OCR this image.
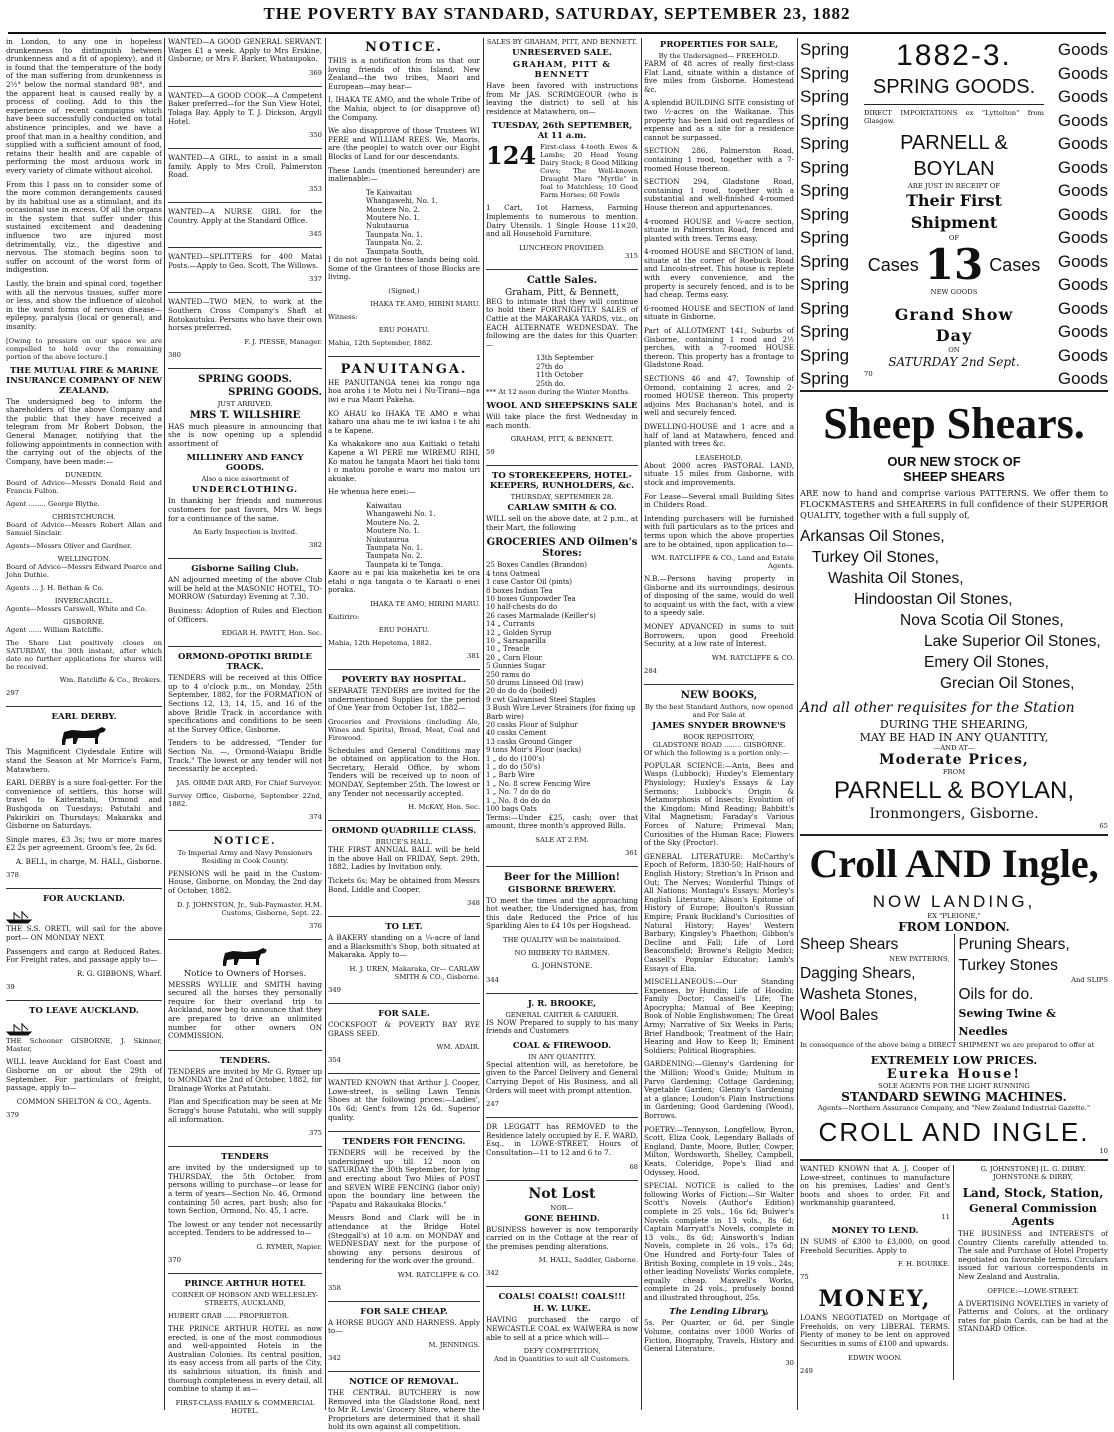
THE POVERTY BAY STANDARD, SATURDAY, SEPTEMBER 23, 1882

in London, to any one in hopeless drunkenness (to distinguish between drunkenness and a fit of apoplexy), and it is found that the temperature of the body of the man suffering from drunkenness is 2½° below the normal standard 98°, and the apparent heat is caused really by a process of cooling. Add to this the experience of recent campaigns which have been successfully conducted on total abstinence principles, and we have a proof that man in a healthy condition, and supplied with a sufficient amount of food, retains their health and are capable of performing the most arduous work in every variety of climate without alcohol.

From this I pass on to consider some of the more common derangements caused by its habitual use as a stimulant, and its occasional use in excess. Of all the organs in the system that suffer under this sustained excitement and deadening influence two are injured most detrimentally, viz., the digestive and nervous. The stomach begins soon to suffer on account of the worst form of indigestion.

Lastly, the brain and spinal cord, together with all the nervous tissues, suffer more or less, and show the influence of alcohol in the worst forms of nervous disease—epilepsy, paralysis (local or general), and insanity.

[Owing to pressure on our space we are compelled to hold over the remaining portion of the above lecture.]

THE MUTUAL FIRE & MARINE INSURANCE COMPANY OF NEW ZEALAND.

The undersigned beg to inform the shareholders of the above Company and the public that they have received a telegram from Mr Robert Dobson, the General Manager, notifying that the following appointments in connection with the carrying out of the objects of the Company, have been made:—

DUNEDIN.

Board of Advice—Messrs Donald Reid and Francis Fulton.

Agent ........ George Blythe.

CHRISTCHURCH.

Board of Advice—Messrs Robert Allan and Samuel Sinclair.

Agents—Messrs Oliver and Gardner.

WELLINGTON.

Board of Advice—Messrs Edward Pearce and John Duthie.

Agents ... J. H. Bethan & Co.

INVERCARGILL.

Agents—Messrs Carswell, White and Co.

GISBORNE.

Agent ...... William Ratcliffe.

The Share List positively closes on SATURDAY, the 30th instant, after which date no further applications for shares will be received.

Wm. Ratcliffe & Co., Brokers.

297

EARL DERBY.

This Magnificent Clydesdale Entire will stand the Season at Mr Morrice's Farm, Matawhero.

EARL DERBY is a sure foal-getter. For the convenience of settlers, this horse will travel to Kaiteratahi, Ormond and Bushgoda on Tuesdays; Patutahi and Pakirikiri on Thursdays; Makaraka and Gisborne on Saturdays.

Single mares, £3 3s; two or more mares £2 2s per agreement. Groom's fee, 2s 6d.

A. BELL, in charge, M. HALL, Gisborne.

378

FOR AUCKLAND.

THE S.S. ORETI, will sail for the above port— ON MONDAY NEXT.

Passengers and cargo at Reduced Rates. For Freight rates, and passage apply to—

R. G. GIBBONS, Wharf.

39

TO LEAVE AUCKLAND.

THE Schooner GISBORNE, J. Skinner, Master,

WILL leave Auckland for East Coast and Gisborne on or about the 29th of September. For particulars of freight, passage, apply to—

COMMON SHELTON & CO., Agents.

379

WANTED—A GOOD GENERAL SERVANT. Wages £1 a week. Apply to Mrs Erskine, Gisborne; or Mrs F. Barker, Whataupoko.

369

WANTED—A GOOD COOK—A Competent Baker preferred—for the Sun View Hotel, Tolaga Bay. Apply to T. J. Dickson, Argyll Hotel.

350

WANTED—A GIRL, to assist in a small family. Apply to Mrs Croll, Palmerston Road.

353

WANTED—A NURSE GIRL for the Country. Apply at the Standard Office.

345

WANTED—SPLITTERS for 400 Matai Posts.—Apply to Geo. Scott, The Willows.

337

WANTED—TWO MEN, to work at the Southern Cross Company's Shaft at Rotokautuku. Persons who have their own horses preferred.

F. J. PIESSE, Manager.

380

SPRING GOODS.
SPRING GOODS.
JUST ARRIVED.
MRS T. WILLSHIRE

HAS much pleasure in announcing that she is now opening up a splendid assortment of

MILLINERY AND FANCY GOODS.
Also a nice assortment of
UNDERCLOTHING.

In thanking her friends and numerous customers for past favors, Mrs W. begs for a continuance of the same.

An Early Inspection is Invited.

382

Gisborne Sailing Club.

AN adjourned meeting of the above Club will be held at the MASONIC HOTEL, TO-MORROW (Saturday) Evening at 7.30.

Business: Adoption of Rules and Election of Officers.

EDGAR H. PAVITT, Hon. Sec.

ORMOND-OPOTIKI BRIDLE TRACK.

TENDERS will be received at this Office up to 4 o'clock p.m., on Monday, 25th September, 1882, for the FORMATION of Sections 12, 13, 14, 15, and 16 of the above Bridle Track in accordance with specifications and conditions to be seen at the Survey Office, Gisborne.

Tenders to be addressed, "Tender for Section No. —, Ormond-Waiapu Bridle Track." The lowest or any tender will not necessarily be accepted.

JAS. ORME DAR ARD, For Chief Surveyor.

Survey Office, Gisborne, September 22nd, 1882.

374

NOTICE.

To Imperial Army and Navy Pensioners Residing in Cook County.

PENSIONS will be paid in the Custom-House, Gisborne, on Monday, the 2nd day of October, 1882.

D. J. JOHNSTON, Jr., Sub-Paymaster. H.M. Customs, Gisborne, Sept. 22.

376

Notice to Owners of Horses.

MESSRS WYLLIE and SMITH having secured all the horses they personally require for their overland trip to Auckland, now beg to announce that they are prepared to drive an unlimited number for other owners ON COMMISSION.

TENDERS.

TENDERS are invited by Mr G. Rymer up to MONDAY the 2nd of October, 1882, for Drainage Works at Patutahi.

Plan and Specification may be seen at Mr Scragg's house Patutahi, who will supply all information.

375

TENDERS

are invited by the undersigned up to THURSDAY, the 5th October, from persons willing to purchase—or lease for a term of years—Section No. 46, Ormond containing 50 acres, part bush; also for town Section, Ormond, No. 45, 1 acre.

The lowest or any tender not necessarily accepted. Tenders to be addressed to—

G. RYMER, Napier.

370

PRINCE ARTHUR HOTEL

CORNER OF HOBSON AND WELLESLEY-STREETS, AUCKLAND,

HUBERT GRAB ...... PROPRIETOR.

THE PRINCE ARTHUR HOTEL as now erected, is one of the most commodious and well-appointed Hotels in the Australian Colonies. Its central position, its easy access from all parts of the City, its salubrious situation, its finish and thorough completeness in every detail, all combine to stamp it as—

FIRST-CLASS FAMILY & COMMERCIAL HOTEL.

NOTICE.

THIS is a notification from us that our loving friends of this Island, New Zealand—the two tribes, Maori and European—may hear—

I, IHAKA TE AMO, and the whole Tribe of the Mahia, object to (or disapprove of) the Company.

We also disapprove of those Trustees WI PERE and WILLIAM REES. We, Maoris, are (the people) to watch over our Eight Blocks of Land for our descendants.

These Lands (mentioned hereunder) are inalienable:—

Te Kaiwaitau
Whangawehi, No. 1.
Moutere No. 2.
Moutere No. 1.
Nukutaurua
Taunpata No. 1.
Taunpata No. 2.
Taunpata South,

I do not agree to these lands being sold. Some of the Grantees of those Blocks are living.

(Signed,)

IHAKA TE AMO, HIRINI MARU.

Witness:

ERU POHATU.

Mahia, 12th September, 1882.

PANUITANGA.

HE PANUITANGA tenei kia rongo nga hoa aroha i te Motu nei i Nu-Tirani—nga iwi e rua Maori Pakeha.

KO AHAU ko IHAKA TE AMO e whai kaharo una ahau me te iwi katoa i te ahi a te Kapene.

Ka whakakore ano aua Kaitiaki o tetahi Kapene a WI PERE me WIREMU RIHI, Ko matou he tangata Maori hei tiaki tonu i o matou porohe e waru mo matou uri akuake.

He whenua here enei:—

Kaiwaitau
Whangawehi No. 1.
Moutere No. 2.
Moutere No. 1.
Nukutaurua
Taunpata No. 1.
Taunpata No. 2.
Taunpata ki te Tonga.

Kaore au e pai kia makehetia kei te ora etahi o nga tangata o te Karaati o enei poraka.

IHAKA TE AMO, HIRINI MARU.

Kaitiriro:

ERU POHATU.

Mahia, 12th Hepetema, 1882.

381

POVERTY BAY HOSPITAL.

SEPARATE TENDERS are invited for the undermentioned Supplies for the period of One Year from October 1st, 1882—

Groceries and Provisions (including Ale, Wines and Spirits), Bread, Meat, Coal and Firewood.

Schedules and General Conditions may be obtained on application to the Hon. Secretary, Herald Office, by whom Tenders will be received up to noon of MONDAY, September 25th. The lowest or any Tender not necessarily accepted.

H. McKAY, Hon. Sec.

ORMOND QUADRILLE CLASS.
BRUCE'S HALL.

THE FIRST ANNUAL BALL will be held in the above Hall on FRIDAY, Sept. 29th, 1882. Ladies by Invitation only.

Tickets 6s; May be obtained from Messrs Bond, Liddle and Cooper.

348

TO LET.

A BAKERY standing on a ¼-acre of land and a Blacksmith's Shop, both situated at Makaraka. Apply to—

H. J. UREN, Makaraka, Or— CARLAW SMITH & CO., Gisborne.

349

FOR SALE.

COCKSFOOT & POVERTY BAY RYE GRASS SEED.

WM. ADAIR.

354

WANTED KNOWN that Arthur J. Cooper, Lowe-street, is selling Lawn Tennis Shoes at the following prices:—Ladies', 10s 6d; Gent's from 12s 6d. Superior quality.

TENDERS FOR FENCING.

TENDERS will be received by the undersigned up till 12 noon on SATURDAY the 30th September, for lying and erecting about Two Miles of POST and SEVEN WIRE FENCING (labor only) upon the boundary line between the "Papatu and Rakaukaka Blocks."

Messrs Bond and Clark will be in attendance at the Bridge Hotel (Steggall's) at 10 a.m. on MONDAY and WEDNESDAY next for the purpose of showing any persons desirous of tendering for the work over the ground.

WM. RATCLIFFE & CO.

358

FOR SALE CHEAP.

A HORSE BUGGY AND HARNESS. Apply to—

M. JENNINGS.

342

NOTICE OF REMOVAL.

THE CENTRAL BUTCHERY is now Removed into the Gladstone Road, next to Mr R. Lewis' Grocery Store, where the Proprietors are determined that it shall hold its own against all competition.

SALES BY GRAHAM, PITT, AND BENNETT.
UNRESERVED SALE.
GRAHAM, PITT & BENNETT

Have been favored with instructions from Mr JAS. SCRIMGEOUR (who is leaving the district) to sell at his residence at Matawhero, on—

TUESDAY, 26th SEPTEMBER, At 11 a.m.
124 First-class 4-tooth Ewes & Lambs; 20 Head Young Dairy Stock; 8 Good Milking Cows; The Well-known Draught Mare "Myrtle" in foal to Matchless; 10 Good Farm Horses; 60 Fowls

1 Cart, 1ot Harness, Farming Implements to numerous to mention. Dairy Utensils. 1 Single House 11×20, and all Household Furniture.

LUNCHEON PROVIDED.

315

Cattle Sales.
Graham, Pitt, & Bennett,

BEG to intimate that they will continue to hold their FORTNIGHTLY SALES of Cattle at the MAKARAKA YARDS, viz., on EACH ALTERNATE WEDNESDAY. The following are the dates for this Quarter:—

13th September
27th do
11th October
25th do.

*** At 12 noon during the Winter Months.

WOOL AND SHEEPSKINS SALE

Will take place the first Wednesday in each month.

GRAHAM, PITT, & BENNETT.

59

TO STOREKEEPERS, HOTEL-KEEPERS, RUNHOLDERS, &c.
THURSDAY, SEPTEMBER 28.
CARLAW SMITH & CO.

WILL sell on the above date, at 2 p.m., at their Mart, the following

GROCERIES AND Oilmen's Stores:
25 Boxes Candles (Brandon)
4 tons Oatmeal
1 case Castor Oil (pints)
8 boxes Indian Tea
10 boxes Gunpowder Tea
10 half-chests do do
26 cases Marmalade (Keiller's)
14 „ Currants
12 „ Golden Syrup
10 „ Sarsaparilla
10 „ Treacle
20 „ Corn Flour
5 Gunnies Sugar
250 rams do
50 drums Linseed Oil (raw)
20 do do do (boiled)
9 cwt Galvanised Steel Staples
3 Bush Wire Lever Strainers (for fixing up Barb wire)
20 casks Flour of Sulphur
40 casks Cement
13 casks Ground Ginger
9 tons Moir's Flour (sacks)
1 „ do do (100's)
1 „ do do (50's)
1 „ Barb Wire
1 „ No. 8 screw Fencing Wire
1 „ No. 7 do do do
1 „ No. 8 do do do
100 bags Oats

Terms:—Under £25, cash; over that amount, three month's approved Bills.

SALE AT 2 P.M.

361

Beer for the Million!
GISBORNE BREWERY.

TO meet the times and the approaching hot weather, the Undersigned has, from this date Reduced the Price of his Sparkling Ales to £4 10s per Hogshead.

THE QUALITY will be maintained.

NO BRIBERY TO BARMEN.

G. JOHNSTONE.

344

J. R. BROOKE,
GENERAL CARTER & CARRIER.

IS NOW Prepared to supply to his many friends and Customers

COAL & FIREWOOD.
IN ANY QUANTITY.

Special attention will, as heretofore, be given to the Parcel Delivery and General Carrying Depot of His Business, and all Orders will meet with prompt attention.

247

DR LEGGATT has REMOVED to the Residence lately occupied by E. F. WARD, Esq., in LOWE-STREET. Hours of Consultation—11 to 12 and 6 to 7.

68

Not Lost
NOR—
GONE BEHIND.

BUSINESS however is now temporarily carried on in the Cottage at the rear of the premises pending alterations.

M. HALL, Saddler, Gisborne.

342

COALS! COALS!! COALS!!!
H. W. LUKE.

HAVING purchased the cargo of NEWCASTLE COAL ex WAIWERA is now able to sell at a price which will—

DEFY COMPETITION,

And in Quantities to suit all Customers.

PROPERTIES FOR SALE,
By the Undersigned— FREEHOLD.

FARM of 48 acres of really first-class Flat Land, situate within a distance of five miles from Gisborne. Homestead &c.

A splendid BUILDING SITE consisting of two ½-acres on the Waikanae. This property has been laid out regardless of expense and as a site for a residence cannot be surpassed.

SECTION 286, Palmerston Road, containing 1 rood, together with a 7-roomed House thereon.

SECTION 294, Gladstone Road, containing 1 rood, together with a substantial and well-finished 4-roomed House thereon and appurtenances.

4-roomed HOUSE and ¼-acre section, situate in Palmerston Road, fenced and planted with trees. Terms easy.

4-roomed HOUSE and SECTION of land, situate at the corner of Roebuck Road and Lincoln-street. This house is replete with every convenience, and the property is securely fenced, and is to be had cheap. Terms easy.

6-roomed HOUSE and SECTION of land situate in Gisborne.

Part of ALLOTMENT 141, Suburbs of Gisborne, containing 1 rood and 2½ perches, with a 7-roomed HOUSE thereon. This property has a frontage to Gladstone Road.

SECTIONS 46 and 47, Township of Ormond, containing 2 acres, and 2-roomed HOUSE thereon. This property adjoins Mrs Buchanan's hotel, and is well and securely fenced.

DWELLING-HOUSE and 1 acre and a half of land at Matawhero, fenced and planted with trees &c.

LEASEHOLD.

About 2000 acres PASTORAL LAND, situate 15 miles from Gisborne, with stock and improvements.

For Lease—Several small Building Sites in Childers Road.

Intending purchasers will be furnished with full particulars as to the prices and terms upon which the above properties are to be obtained, upon application to—

WM. RATCLIFFE & CO., Land and Estate Agents.

N.B.—Persons having property in Gisborne and its surroundings, desirous of disposing of the same, would do well to acquaint us with the fact, with a view to a speedy sale.

MONEY ADVANCED in sums to suit Borrowers, upon good Freehold Security, at a low rate of Interest.

WM. RATCLIFFE & CO.

284

NEW BOOKS,
By the best Standard Authors, now opened and For Sale at
JAMES SNYDER BROWNE'S
BOOK REPOSITORY,
GLADSTONE ROAD ........ GISBORNE.

Of which the following is a portion only:—

POPULAR SCIENCE:—Ants, Bees and Wasps (Lubbock); Huxley's Elementary Physiology; Huxley's Essays & Lay Sermons; Lubbock's Origin & Metamorphosis of Insects; Evolution of the Kingdom; Mind Reading; Babbitt's Vital Magnetism; Faraday's Various Forces of Nature; Primeval Man; Curiosities of the Human Race; Flowers of the Sky (Proctor).

GENERAL LITERATURE: McCarthy's Epoch of Reform, 1830-50; Half-hours of English History; Stretton's In Prison and Out; The Nerves; Wonderful Things of All Nations; Montagu's Essays; Morley's English Literature; Alison's Epitome of History of Europe; Boulton's Russian Empire; Frank Buckland's Curiosities of Natural History; Hayes' Western Barbary; Kingsley's Phaethon; Gibbon's Decline and Fall; Life of Lord Beaconsfield; Browne's Religio Medici; Cassell's Popular Educator; Lamb's Essays of Elia.

MISCELLANEOUS:—Our Standing Expenses, by Hundin; Life of Hoodin; Family Doctor; Cassell's Life; The Apocrypha; Manual of Bee Keeping; Book of Noble Englishwomen; The Great Army; Narrative of Six Weeks in Paris; Brief Handbook; Treatment of the Hair; Hearing and How to Keep It; Eminent Soldiers; Political Biographies.

GARDENING:—Glenny's Gardening for the Million; Wood's Guide; Multum in Parvo Gardening; Cottage Gardening; Vegetable Garden; Glenny's Gardening at a glance; Loudon's Plain Instructions in Gardening; Good Gardening (Wood), Borrows.

POETRY:—Tennyson, Longfellow, Byron, Scott, Eliza Cook, Legendary Ballads of England, Dante, Moore, Butler, Cowper, Milton, Wordsworth, Shelley, Campbell, Keats, Coleridge, Pope's Iliad and Odyssey, Hood.

SPECIAL NOTICE is called to the following Works of Fiction:—Sir Walter Scott's Novels (Author's Edition) complete in 25 vols., 16s 6d; Bulwer's Novels complete in 13 vols., 8s 6d; Captain Marryatt's Novels, complete in 13 vols., 8s 6d; Ainsworth's Indian Novels, complete in 26 vols., 17s 6d; One Hundred and Forty-four Tales of British Boxing, complete in 19 vols., 24s; other leading Novelists' Works complete, equally cheap. Maxwell's Works, complete in 24 vols., profusely bound and illustrated throughout, 25s.

The Lending Library,

5s. Per Quarter, or 6d. per Single Volume, contains over 1000 Works of Fiction, Biography, Travels, History and General Literature.

30

Spring
Spring
Spring
Spring
Spring
Spring
Spring
Spring
Spring
Spring
Spring
Spring
Spring
Spring
Spring
Goods
Goods
Goods
Goods
Goods
Goods
Goods
Goods
Goods
Goods
Goods
Goods
Goods
Goods
Goods
1882-3.
SPRING GOODS.

DIRECT IMPORTATIONS ex "Lyttelton" from Glasgow.

PARNELL & BOYLAN
ARE JUST IN RECEIPT OF
Their First Shipment
OF
Cases 13 Cases
NEW GOODS
Grand Show
Day
ON
SATURDAY 2nd Sept.
70
Sheep Shears.
OUR NEW STOCK OF
SHEEP SHEARS

ARE now to hand and comprise various PATTERNS. We offer them to FLOCKMASTERS and SHEARERS in full confidence of their SUPERIOR QUALITY, together with a full supply of,

Arkansas Oil Stones,
Turkey Oil Stones,
Washita Oil Stones,
Hindoostan Oil Stones,
Nova Scotia Oil Stones,
Lake Superior Oil Stones,
Emery Oil Stones,
Grecian Oil Stones,
And all other requisites for the Station
DURING THE SHEARING,
MAY BE HAD IN ANY QUANTITY,
—AND AT—
Moderate Prices,
FROM
PARNELL & BOYLAN,
Ironmongers, Gisborne.
65
Croll AND Ingle,
NOW LANDING,
EX "PLEIONE,"
FROM LONDON.
Sheep Shears
NEW PATTERNS,
Dagging Shears,
Washeta Stones,
Wool Bales
Pruning Shears,
Turkey Stones
And SLIPS
Oils for do.
Sewing Twine & Needles

In consequence of the above being a DIRECT SHIPMENT we are prepared to offer at

EXTREMELY LOW PRICES.
Eureka House!
SOLE AGENTS FOR THE LIGHT RUNNING
STANDARD SEWING MACHINES.

Agents—Northern Assurance Company, and "New Zealand Industrial Gazette."

CROLL AND INGLE.
10

WANTED KNOWN that A. J. Cooper of Lowe-street, continues to manufacture on his premises, Ladies' and Gent's boots and shoes to order. Fit and workmanship guaranteed.

11

MONEY TO LEND.

IN SUMS of £300 to £3,000, on good Freehold Securities. Apply to

F. H. BOURKE.

75

MONEY,

LOANS NEGOTIATED on Mortgage of Freeholds, on very LIBERAL TERMS. Plenty of money to be lent on approved Securities in sums of £100 and upwards.

EDWIN WOON.

249

G. JOHNSTONE] [L. G. DIRBY. JOHNSTONE & DIRBY,

Land, Stock, Station,
General Commission Agents

THE BUSINESS and INTERESTS of Country Clients carefully attended to. The sale and Purchase of Hotel Property negotiated on favorable terms. Circulars issued for various correspondents in New Zealand and Australia.

OFFICE:—LOWE-STREET.

A DVERTISING NOVELTIES in variety of Patterns and Colors, at the ordinary rates for plain Cards, can be had at the STANDARD Office.
